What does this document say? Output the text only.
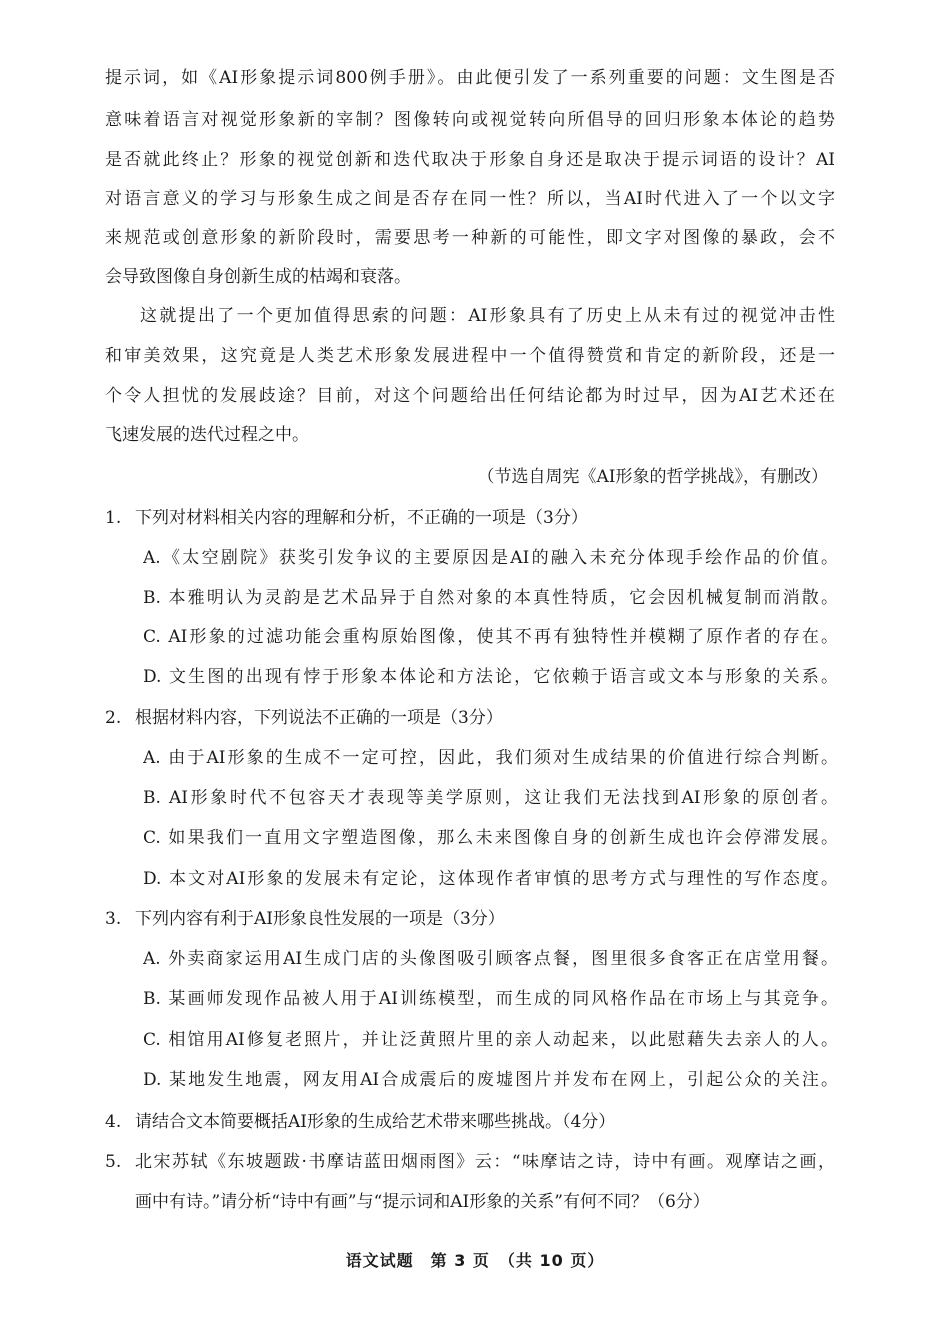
提示词，如《AI形象提示词800例手册》。由此便引发了一系列重要的问题：文生图是否
意味着语言对视觉形象新的宰制？图像转向或视觉转向所倡导的回归形象本体论的趋势
是否就此终止？形象的视觉创新和迭代取决于形象自身还是取决于提示词语的设计？AI
对语言意义的学习与形象生成之间是否存在同一性？所以，当AI时代进入了一个以文字
来规范或创意形象的新阶段时，需要思考一种新的可能性，即文字对图像的暴政，会不
会导致图像自身创新生成的枯竭和衰落。
这就提出了一个更加值得思索的问题：AI形象具有了历史上从未有过的视觉冲击性
和审美效果，这究竟是人类艺术形象发展进程中一个值得赞赏和肯定的新阶段，还是一
个令人担忧的发展歧途？目前，对这个问题给出任何结论都为时过早，因为AI艺术还在
飞速发展的迭代过程之中。
（节选自周宪《AI形象的哲学挑战》，有删改）
1. 下列对材料相关内容的理解和分析，不正确的一项是（3分）
A.《太空剧院》获奖引发争议的主要原因是AI的融入未充分体现手绘作品的价值。
B. 本雅明认为灵韵是艺术品异于自然对象的本真性特质，它会因机械复制而消散。
C. AI形象的过滤功能会重构原始图像，使其不再有独特性并模糊了原作者的存在。
D. 文生图的出现有悖于形象本体论和方法论，它依赖于语言或文本与形象的关系。
2. 根据材料内容，下列说法不正确的一项是（3分）
A. 由于AI形象的生成不一定可控，因此，我们须对生成结果的价值进行综合判断。
B. AI形象时代不包容天才表现等美学原则，这让我们无法找到AI形象的原创者。
C. 如果我们一直用文字塑造图像，那么未来图像自身的创新生成也许会停滞发展。
D. 本文对AI形象的发展未有定论，这体现作者审慎的思考方式与理性的写作态度。
3. 下列内容有利于AI形象良性发展的一项是（3分）
A. 外卖商家运用AI生成门店的头像图吸引顾客点餐，图里很多食客正在店堂用餐。
B. 某画师发现作品被人用于AI训练模型，而生成的同风格作品在市场上与其竞争。
C. 相馆用AI修复老照片，并让泛黄照片里的亲人动起来，以此慰藉失去亲人的人。
D. 某地发生地震，网友用AI合成震后的废墟图片并发布在网上，引起公众的关注。
4. 请结合文本简要概括AI形象的生成给艺术带来哪些挑战。（4分）
5. 北宋苏轼《东坡题跋·书摩诘蓝田烟雨图》云：“味摩诘之诗，诗中有画。观摩诘之画，
画中有诗。”请分析“诗中有画”与“提示词和AI形象的关系”有何不同？（6分）
语文试题　第 3 页　（共 10 页）
